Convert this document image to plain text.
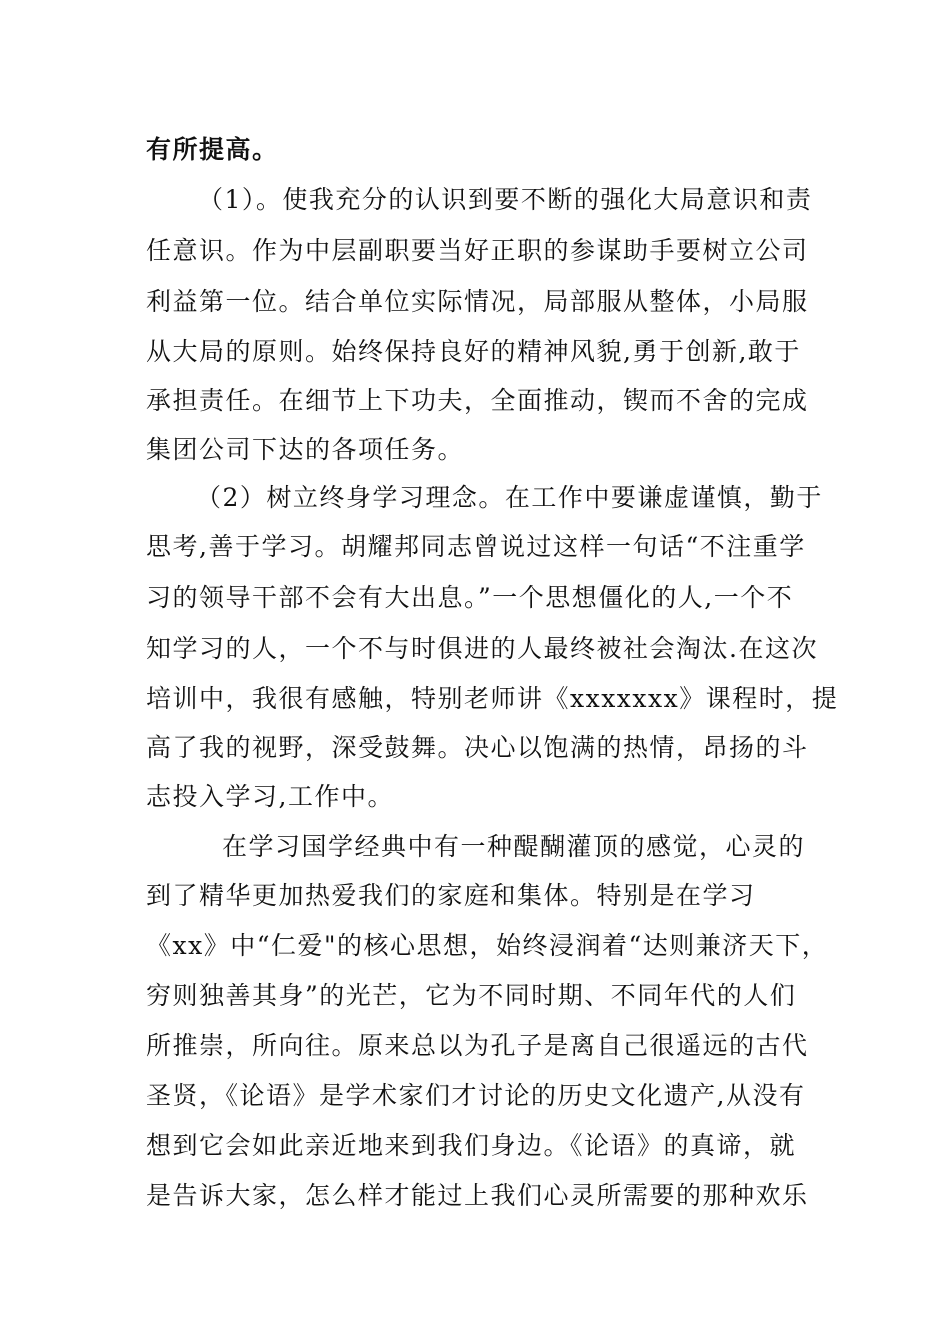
有所提高。
（1）。使我充分的认识到要不断的强化大局意识和责
任意识。作为中层副职要当好正职的参谋助手要树立公司
利益第一位。结合单位实际情况，局部服从整体，小局服
从大局的原则。始终保持良好的精神风貌,勇于创新,敢于
承担责任。在细节上下功夫，全面推动，锲而不舍的完成
集团公司下达的各项任务。
（2）树立终身学习理念。在工作中要谦虚谨慎，勤于
思考,善于学习。胡耀邦同志曾说过这样一句话“不注重学
习的领导干部不会有大出息。”一个思想僵化的人,一个不
知学习的人，一个不与时俱进的人最终被社会淘汰.在这次
培训中，我很有感触，特别老师讲《xxxxxxx》课程时，提
高了我的视野，深受鼓舞。决心以饱满的热情，昂扬的斗
志投入学习,工作中。
在学习国学经典中有一种醍醐灌顶的感觉，心灵的
到了精华更加热爱我们的家庭和集体。特别是在学习
《xx》中“仁爱"的核心思想，始终浸润着“达则兼济天下，
穷则独善其身”的光芒，它为不同时期、不同年代的人们
所推崇，所向往。原来总以为孔子是离自己很遥远的古代
圣贤，《论语》是学术家们才讨论的历史文化遗产,从没有
想到它会如此亲近地来到我们身边。《论语》的真谛，就
是告诉大家，怎么样才能过上我们心灵所需要的那种欢乐
